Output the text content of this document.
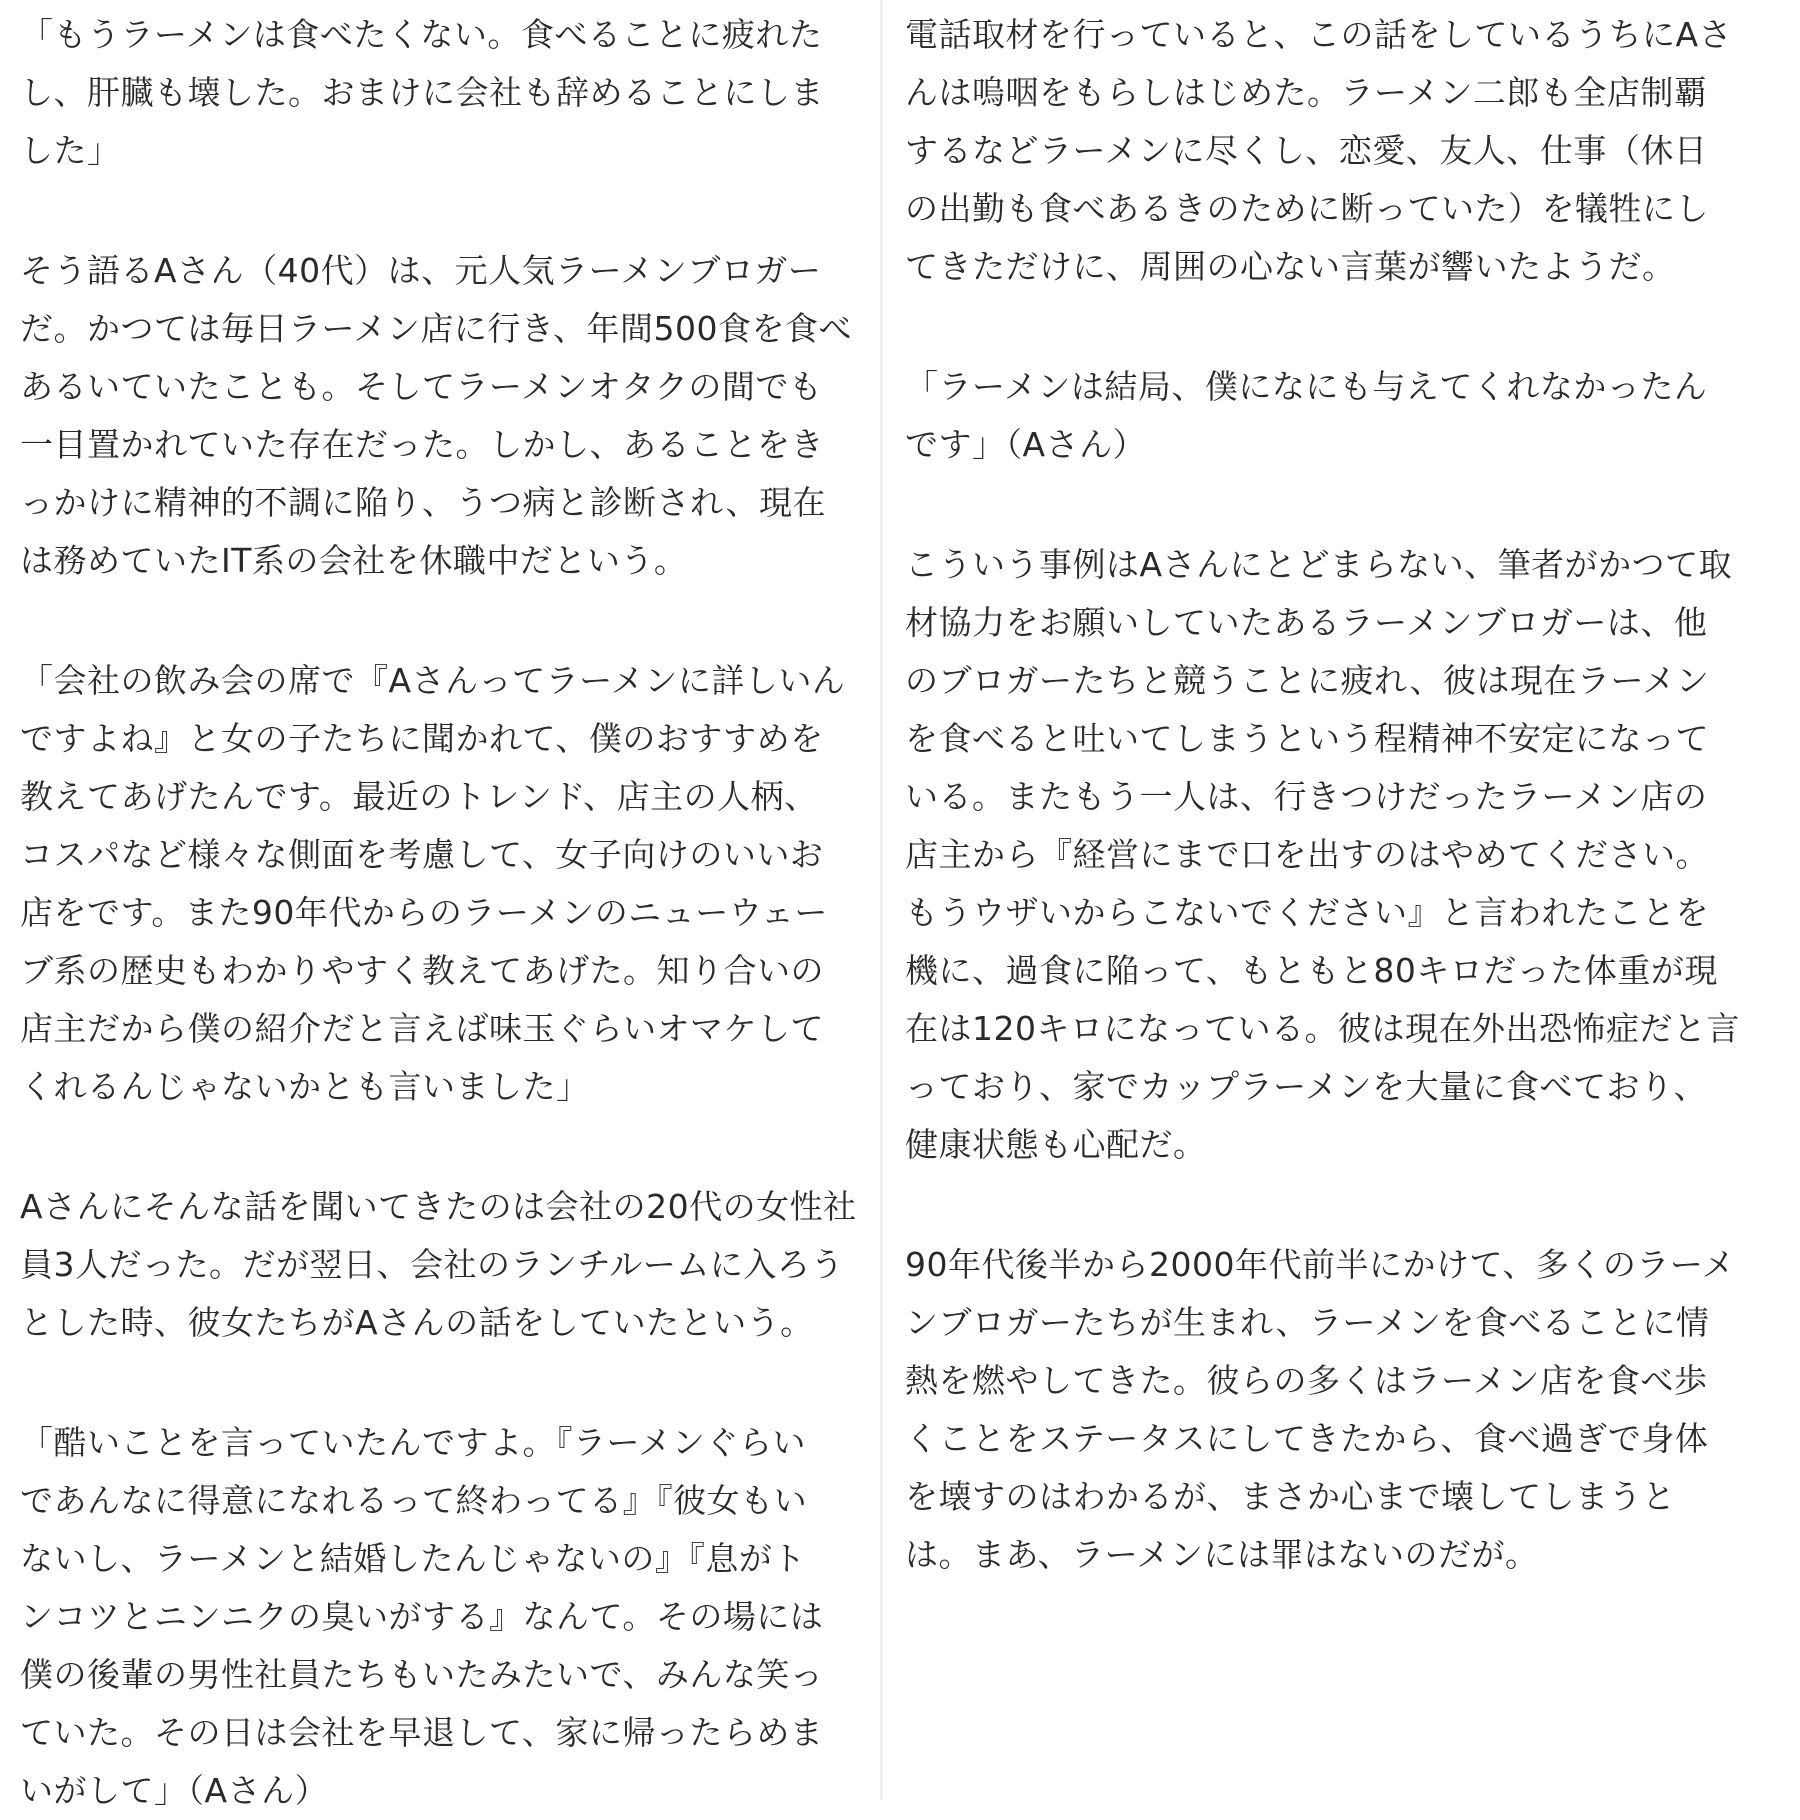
「もうラーメンは食べたくない。食べることに疲れた
し、肝臓も壊した。おまけに会社も辞めることにしま
した」

そう語るAさん（40代）は、元人気ラーメンブロガー
だ。かつては毎日ラーメン店に行き、年間500食を食べ
あるいていたことも。そしてラーメンオタクの間でも
一目置かれていた存在だった。しかし、あることをき
っかけに精神的不調に陥り、うつ病と診断され、現在
は務めていたIT系の会社を休職中だという。

「会社の飲み会の席で『Aさんってラーメンに詳しいん
ですよね』と女の子たちに聞かれて、僕のおすすめを
教えてあげたんです。最近のトレンド、店主の人柄、
コスパなど様々な側面を考慮して、女子向けのいいお
店をです。また90年代からのラーメンのニューウェー
ブ系の歴史もわかりやすく教えてあげた。知り合いの
店主だから僕の紹介だと言えば味玉ぐらいオマケして
くれるんじゃないかとも言いました」

Aさんにそんな話を聞いてきたのは会社の20代の女性社
員3人だった。だが翌日、会社のランチルームに入ろう
とした時、彼女たちがAさんの話をしていたという。

「酷いことを言っていたんですよ。『ラーメンぐらい
であんなに得意になれるって終わってる』『彼女もい
ないし、ラーメンと結婚したんじゃないの』『息がト
ンコツとニンニクの臭いがする』なんて。その場には
僕の後輩の男性社員たちもいたみたいで、みんな笑っ
ていた。その日は会社を早退して、家に帰ったらめま
いがして」（Aさん）

電話取材を行っていると、この話をしているうちにAさ
んは嗚咽をもらしはじめた。ラーメン二郎も全店制覇
するなどラーメンに尽くし、恋愛、友人、仕事（休日
の出勤も食べあるきのために断っていた）を犠牲にし
てきただけに、周囲の心ない言葉が響いたようだ。

「ラーメンは結局、僕になにも与えてくれなかったん
です」（Aさん）

こういう事例はAさんにとどまらない、筆者がかつて取
材協力をお願いしていたあるラーメンブロガーは、他
のブロガーたちと競うことに疲れ、彼は現在ラーメン
を食べると吐いてしまうという程精神不安定になって
いる。またもう一人は、行きつけだったラーメン店の
店主から『経営にまで口を出すのはやめてください。
もうウザいからこないでください』と言われたことを
機に、過食に陥って、もともと80キロだった体重が現
在は120キロになっている。彼は現在外出恐怖症だと言
っており、家でカップラーメンを大量に食べており、
健康状態も心配だ。

90年代後半から2000年代前半にかけて、多くのラーメ
ンブロガーたちが生まれ、ラーメンを食べることに情
熱を燃やしてきた。彼らの多くはラーメン店を食べ歩
くことをステータスにしてきたから、食べ過ぎで身体
を壊すのはわかるが、まさか心まで壊してしまうと
は。まあ、ラーメンには罪はないのだが。
